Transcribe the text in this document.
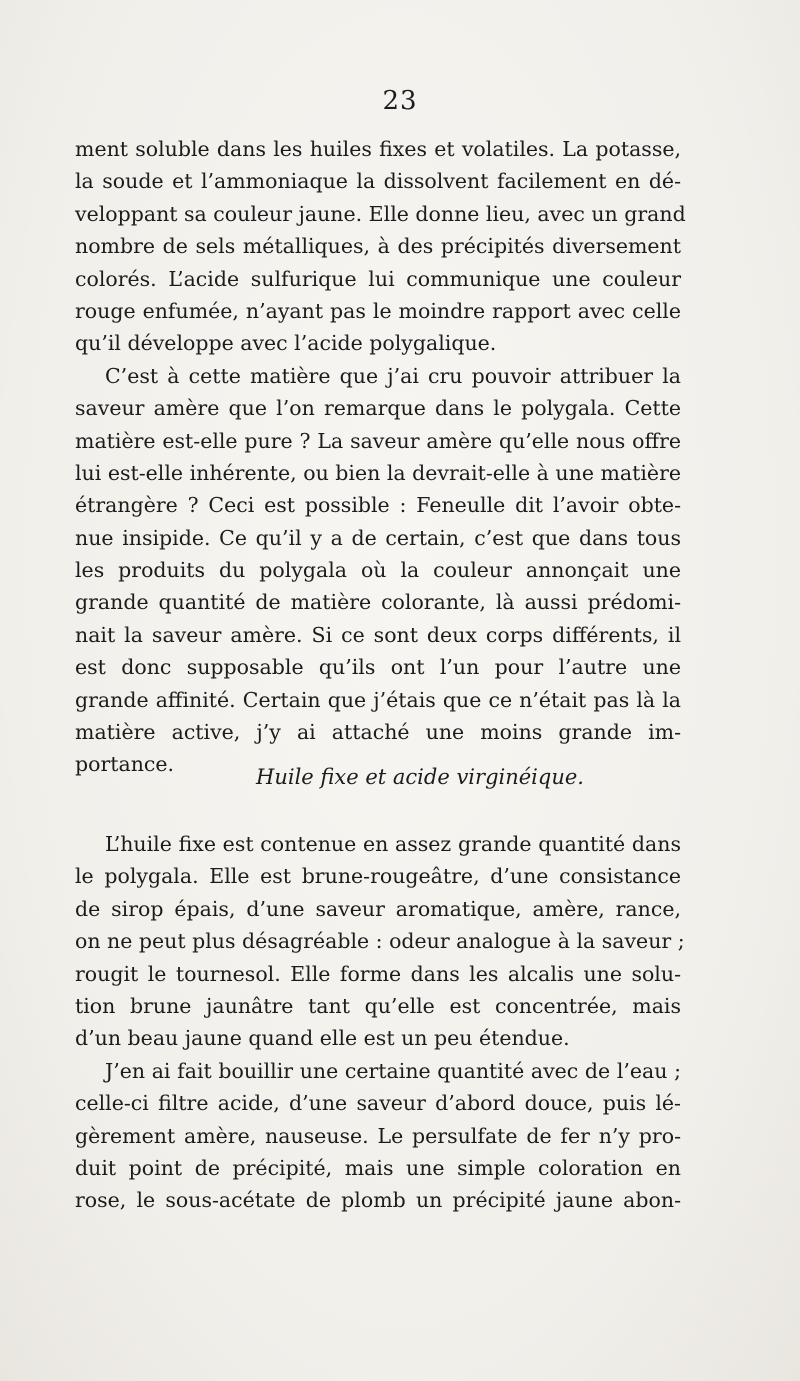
23
ment soluble dans les huiles fixes et volatiles. La potasse,
la soude et l’ammoniaque la dissolvent facilement en dé-
veloppant sa couleur jaune. Elle donne lieu, avec un grand
nombre de sels métalliques, à des précipités diversement
colorés. L’acide sulfurique lui communique une couleur
rouge enfumée, n’ayant pas le moindre rapport avec celle
qu’il développe avec l’acide polygalique.
C’est à cette matière que j’ai cru pouvoir attribuer la
saveur amère que l’on remarque dans le polygala. Cette
matière est-elle pure ? La saveur amère qu’elle nous offre
lui est-elle inhérente, ou bien la devrait-elle à une matière
étrangère ? Ceci est possible : Feneulle dit l’avoir obte-
nue insipide. Ce qu’il y a de certain, c’est que dans tous
les produits du polygala où la couleur annonçait une
grande quantité de matière colorante, là aussi prédomi-
nait la saveur amère. Si ce sont deux corps différents, il
est donc supposable qu’ils ont l’un pour l’autre une
grande affinité. Certain que j’étais que ce n’était pas là la
matière active, j’y ai attaché une moins grande im-
portance.
Huile fixe et acide virginéique.
L’huile fixe est contenue en assez grande quantité dans
le polygala. Elle est brune-rougeâtre, d’une consistance
de sirop épais, d’une saveur aromatique, amère, rance,
on ne peut plus désagréable : odeur analogue à la saveur ;
rougit le tournesol. Elle forme dans les alcalis une solu-
tion brune jaunâtre tant qu’elle est concentrée, mais
d’un beau jaune quand elle est un peu étendue.
J’en ai fait bouillir une certaine quantité avec de l’eau ;
celle-ci filtre acide, d’une saveur d’abord douce, puis lé-
gèrement amère, nauseuse. Le persulfate de fer n’y pro-
duit point de précipité, mais une simple coloration en
rose, le sous-acétate de plomb un précipité jaune abon-
